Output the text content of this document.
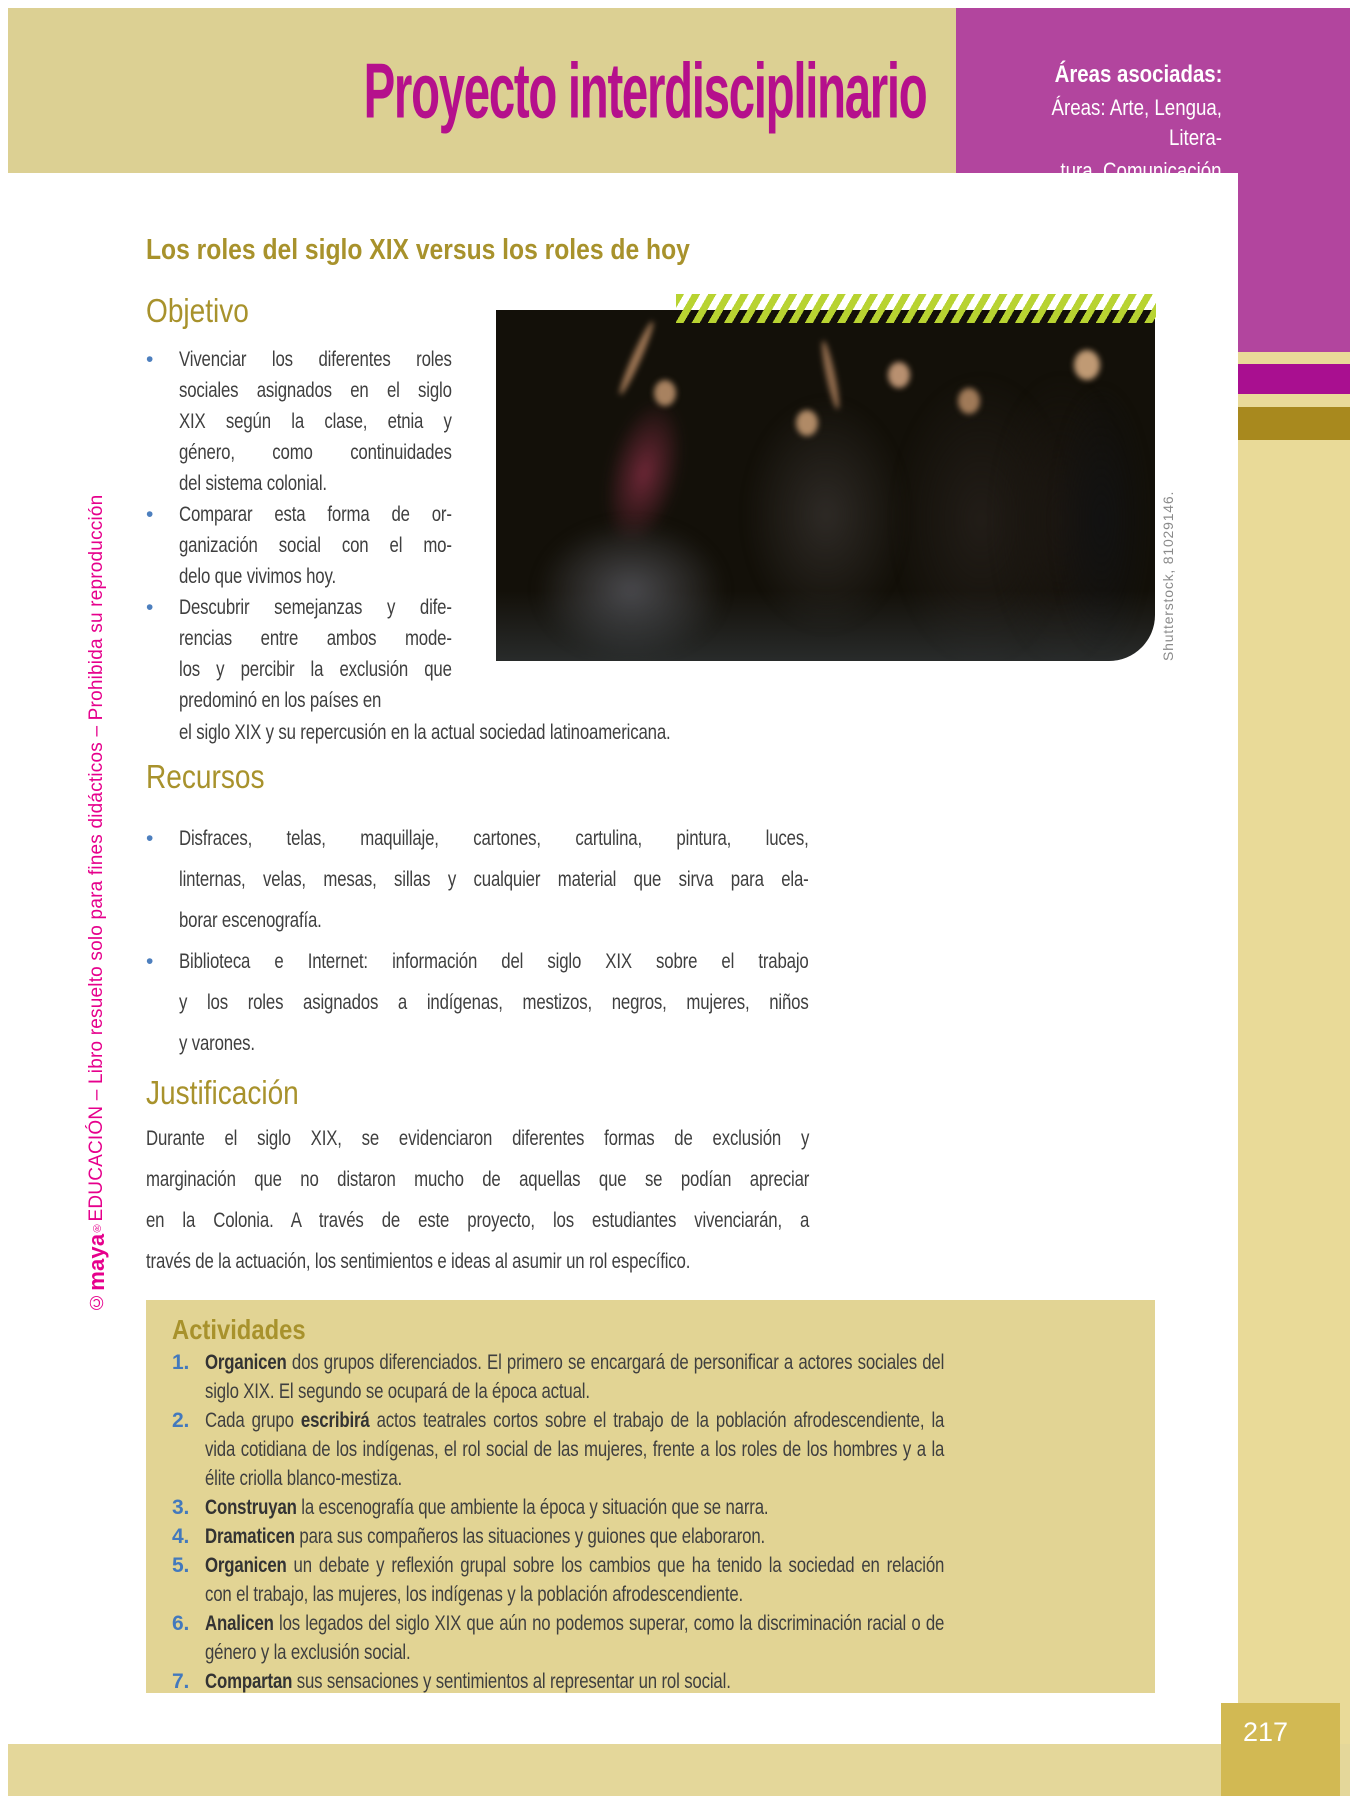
Proyecto interdisciplinario	Áreas asociadas:
Áreas: Arte, Lengua, Litera-
tura, Comunicación
©maya®EDUCACIÓN – Libro resuelto solo para fines didácticos – Prohibida su reproducción
Los roles del siglo XIX versus los roles de hoy
Objetivo
•	Vivenciar los diferentes roles
sociales asignados en el siglo
XIX según la clase, etnia y
género, como continuidades
del sistema colonial.
•	Comparar esta forma de or-
ganización social con el mo-
delo que vivimos hoy.
•	Descubrir semejanzas y dife-
rencias entre ambos mode-
los y percibir la exclusión que
predominó en los países en
el siglo XIX y su repercusión en la actual sociedad latinoamericana.
Shutterstock, 81029146.
Recursos
•	Disfraces, telas, maquillaje, cartones, cartulina, pintura, luces,
linternas, velas, mesas, sillas y cualquier material que sirva para ela-
borar escenografía.
•	Biblioteca e Internet: información del siglo XIX sobre el trabajo
y los roles asignados a indígenas, mestizos, negros, mujeres, niños
y varones.
Justificación
Durante el siglo XIX, se evidenciaron diferentes formas de exclusión y
marginación que no distaron mucho de aquellas que se podían apreciar
en la Colonia. A través de este proyecto, los estudiantes vivenciarán, a
través de la actuación, los sentimientos e ideas al asumir un rol específico.
Actividades
1. Organicen dos grupos diferenciados. El primero se encargará de personificar a actores sociales del
siglo XIX. El segundo se ocupará de la época actual.
2. Cada grupo escribirá actos teatrales cortos sobre el trabajo de la población afrodescendiente, la
vida cotidiana de los indígenas, el rol social de las mujeres, frente a los roles de los hombres y a la
élite criolla blanco-mestiza.
3. Construyan la escenografía que ambiente la época y situación que se narra.
4. Dramaticen para sus compañeros las situaciones y guiones que elaboraron.
5. Organicen un debate y reflexión grupal sobre los cambios que ha tenido la sociedad en relación
con el trabajo, las mujeres, los indígenas y la población afrodescendiente.
6. Analicen los legados del siglo XIX que aún no podemos superar, como la discriminación racial o de
género y la exclusión social.
7. Compartan sus sensaciones y sentimientos al representar un rol social.
217
